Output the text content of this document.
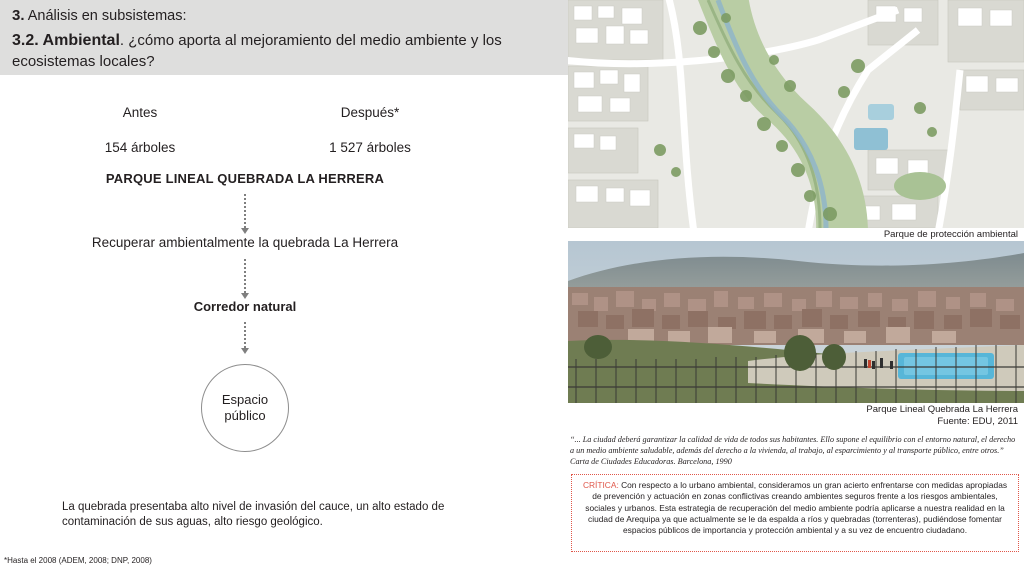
3. Análisis en subsistemas:
3.2. Ambiental. ¿cómo aporta al mejoramiento del medio ambiente y los ecosistemas locales?
Antes
154 árboles
Después*
1 527 árboles
PARQUE LINEAL QUEBRADA LA HERRERA
Recuperar ambientalmente la quebrada La Herrera
Corredor natural
Espacio público
La quebrada presentaba alto nivel de invasión del cauce, un alto estado de contaminación de sus aguas, alto riesgo geológico.
*Hasta el 2008 (ADEM, 2008; DNP, 2008)
Parque de protección ambiental
Parque Lineal Quebrada La Herrera
Fuente: EDU, 2011
“... La ciudad deberá garantizar la calidad de vida de todos sus habitantes. Ello supone el equilibrio con el entorno natural, el derecho a un medio ambiente saludable, además del derecho a la vivienda, al trabajo, al esparcimiento y al transporte público, entre otros.” Carta de Ciudades Educadoras. Barcelona, 1990
CRÍTICA: Con respecto a lo urbano ambiental, consideramos un gran acierto enfrentarse con medidas apropiadas de prevención y actuación en zonas conflictivas creando ambientes seguros frente a los riesgos ambientales, sociales y urbanos. Esta estrategia de recuperación del medio ambiente podría aplicarse a nuestra realidad en la ciudad de Arequipa ya que actualmente se le da espalda a ríos y quebradas (torrenteras), pudiéndose fomentar espacios públicos de importancia y protección ambiental y a su vez de encuentro ciudadano.
